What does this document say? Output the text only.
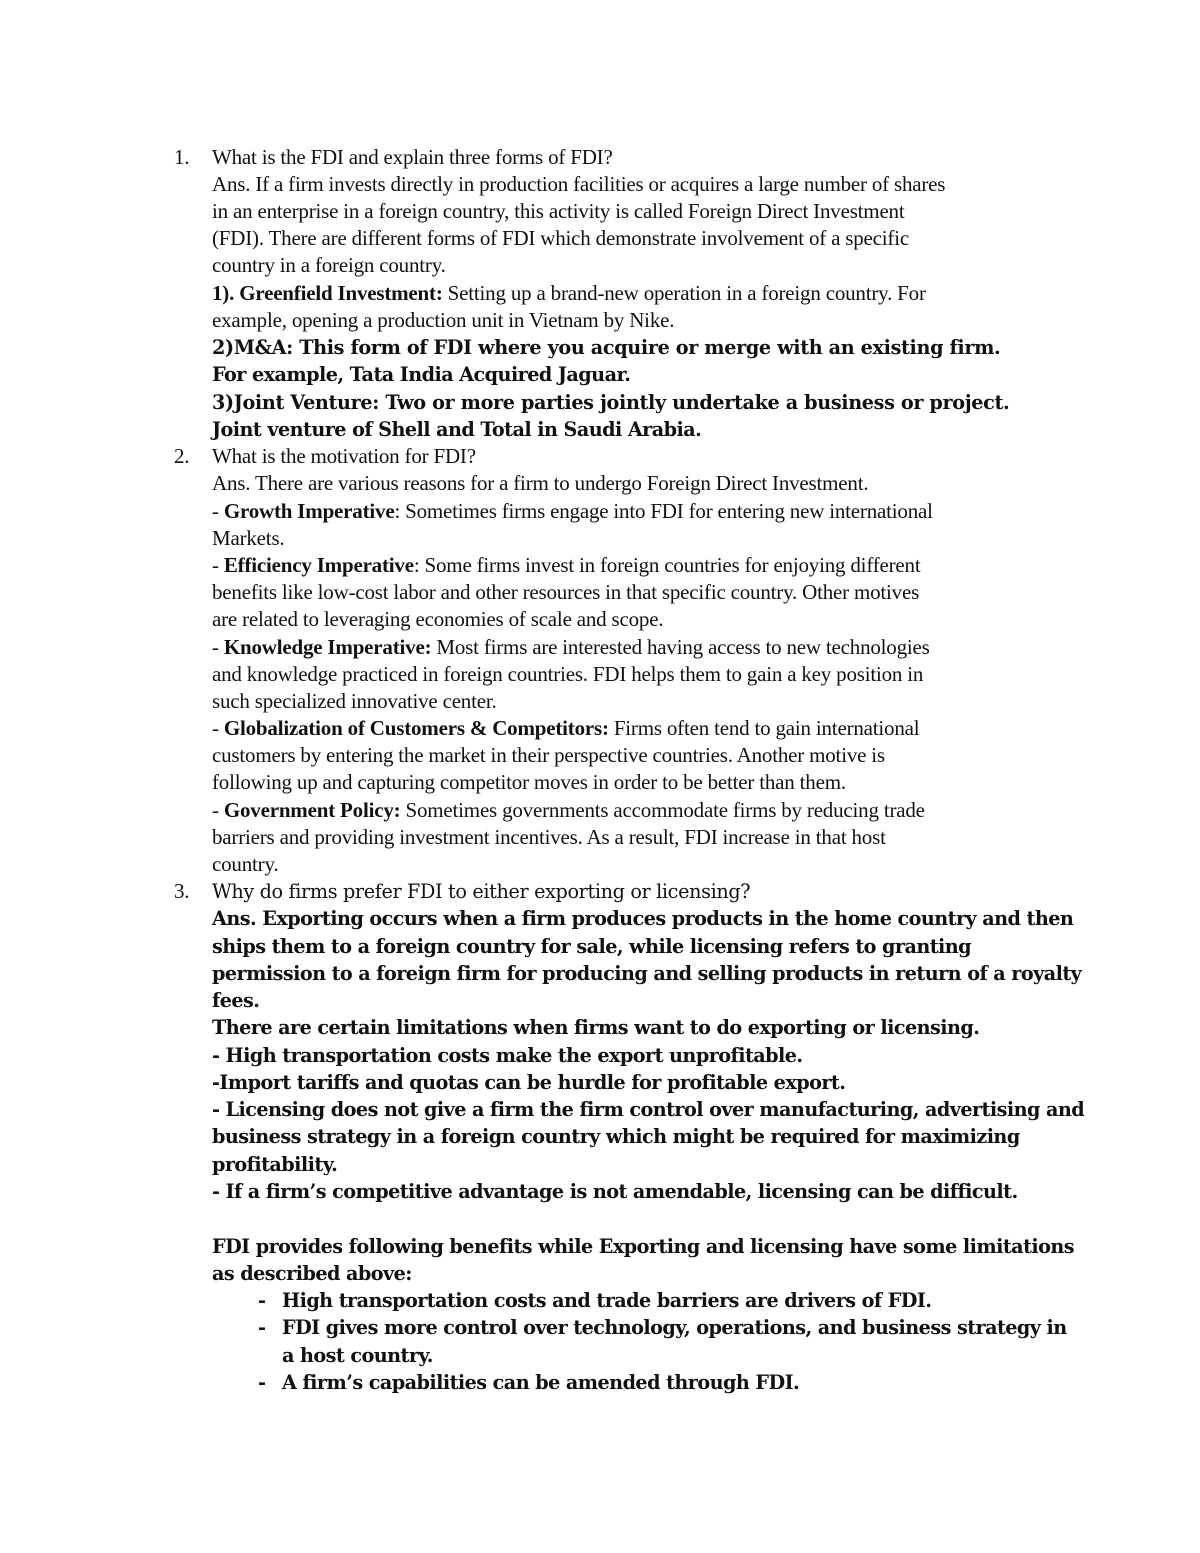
1. What is the FDI and explain three forms of FDI?
Ans. If a firm invests directly in production facilities or acquires a large number of shares
in an enterprise in a foreign country, this activity is called Foreign Direct Investment
(FDI). There are different forms of FDI which demonstrate involvement of a specific
country in a foreign country.
1). Greenfield Investment: Setting up a brand-new operation in a foreign country. For
example, opening a production unit in Vietnam by Nike.
2)M&A: This form of FDI where you acquire or merge with an existing firm.
For example, Tata India Acquired Jaguar.
3)Joint Venture: Two or more parties jointly undertake a business or project.
Joint venture of Shell and Total in Saudi Arabia.
2. What is the motivation for FDI?
Ans. There are various reasons for a firm to undergo Foreign Direct Investment.
- Growth Imperative: Sometimes firms engage into FDI for entering new international
Markets.
- Efficiency Imperative: Some firms invest in foreign countries for enjoying different
benefits like low-cost labor and other resources in that specific country. Other motives
are related to leveraging economies of scale and scope.
- Knowledge Imperative: Most firms are interested having access to new technologies
and knowledge practiced in foreign countries. FDI helps them to gain a key position in
such specialized innovative center.
- Globalization of Customers & Competitors: Firms often tend to gain international
customers by entering the market in their perspective countries. Another motive is
following up and capturing competitor moves in order to be better than them.
- Government Policy: Sometimes governments accommodate firms by reducing trade
barriers and providing investment incentives. As a result, FDI increase in that host
country.
3. Why do firms prefer FDI to either exporting or licensing?
Ans. Exporting occurs when a firm produces products in the home country and then
ships them to a foreign country for sale, while licensing refers to granting
permission to a foreign firm for producing and selling products in return of a royalty
fees.
There are certain limitations when firms want to do exporting or licensing.
- High transportation costs make the export unprofitable.
-Import tariffs and quotas can be hurdle for profitable export.
- Licensing does not give a firm the firm control over manufacturing, advertising and
business strategy in a foreign country which might be required for maximizing
profitability.
- If a firm’s competitive advantage is not amendable, licensing can be difficult.
FDI provides following benefits while Exporting and licensing have some limitations
as described above:
- High transportation costs and trade barriers are drivers of FDI.
- FDI gives more control over technology, operations, and business strategy in
a host country.
- A firm’s capabilities can be amended through FDI.
